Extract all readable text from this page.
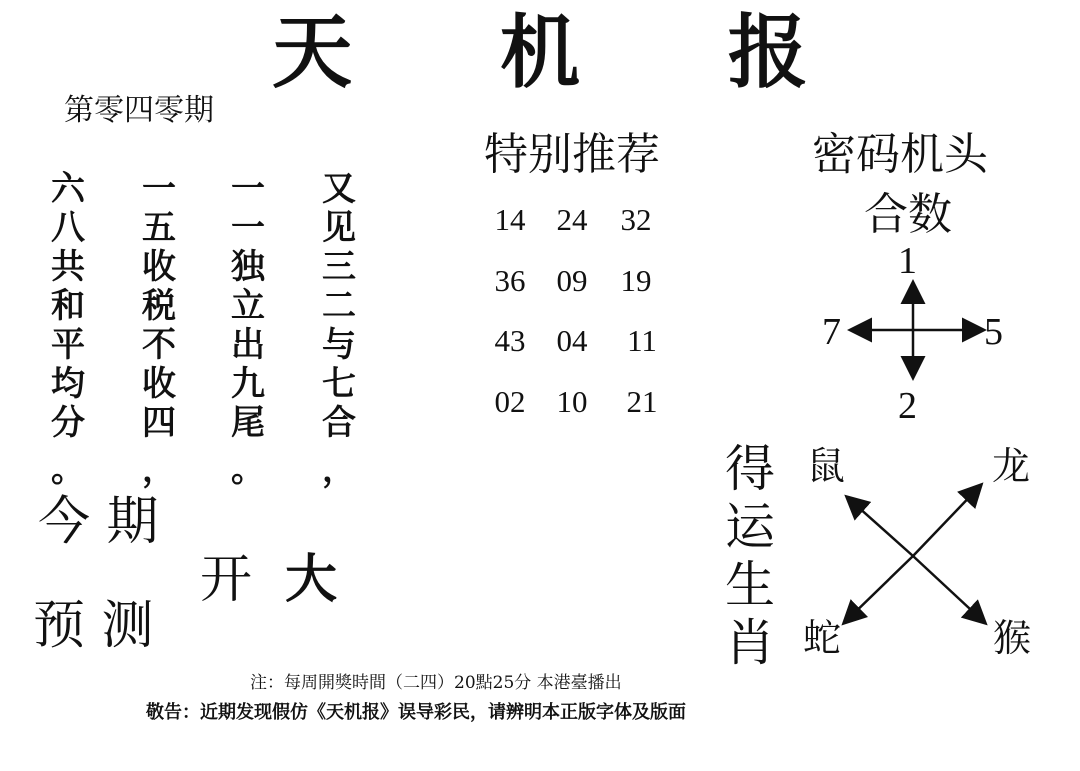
天 机 报
第零四零期
六
八
共
和
平
均
分
。
一
五
收
税
不
收
四
，
一
一
独
立
出
九
尾
。
又
见
三
二
与
七
合
，
今 期
开 大
预 测
特别推荐
14	24	32
36	09	19
43	04	11
02	10	21
密码机头
合数
1
2
7	5
得
运
生
肖
鼠	龙
蛇	猴
注：每周開獎時間（二四）20點25分 本港臺播出
敬告：近期发现假仿《天机报》误导彩民，请辨明本正版字体及版面
